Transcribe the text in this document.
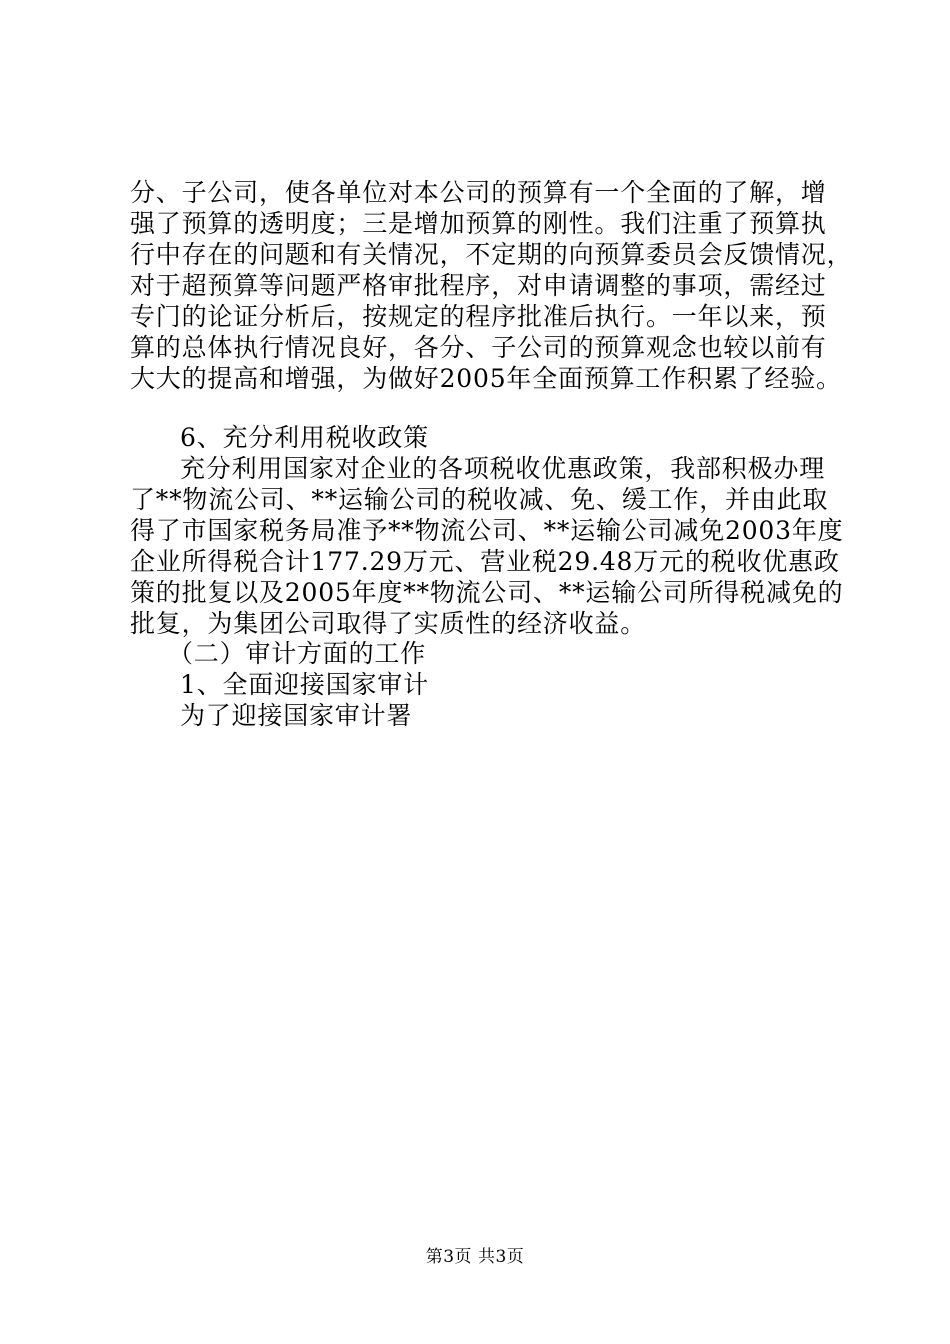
分、子公司，使各单位对本公司的预算有一个全面的了解，增
强了预算的透明度；三是增加预算的刚性。我们注重了预算执
行中存在的问题和有关情况，不定期的向预算委员会反馈情况，
对于超预算等问题严格审批程序，对申请调整的事项，需经过
专门的论证分析后，按规定的程序批准后执行。一年以来，预
算的总体执行情况良好，各分、子公司的预算观念也较以前有
大大的提高和增强，为做好2005年全面预算工作积累了经验。
6、充分利用税收政策
充分利用国家对企业的各项税收优惠政策，我部积极办理
了**物流公司、**运输公司的税收减、免、缓工作，并由此取
得了市国家税务局准予**物流公司、**运输公司减免2003年度
企业所得税合计177.29万元、营业税29.48万元的税收优惠政
策的批复以及2005年度**物流公司、**运输公司所得税减免的
批复，为集团公司取得了实质性的经济收益。
（二）审计方面的工作
1、全面迎接国家审计
为了迎接国家审计署
第3页 共3页
